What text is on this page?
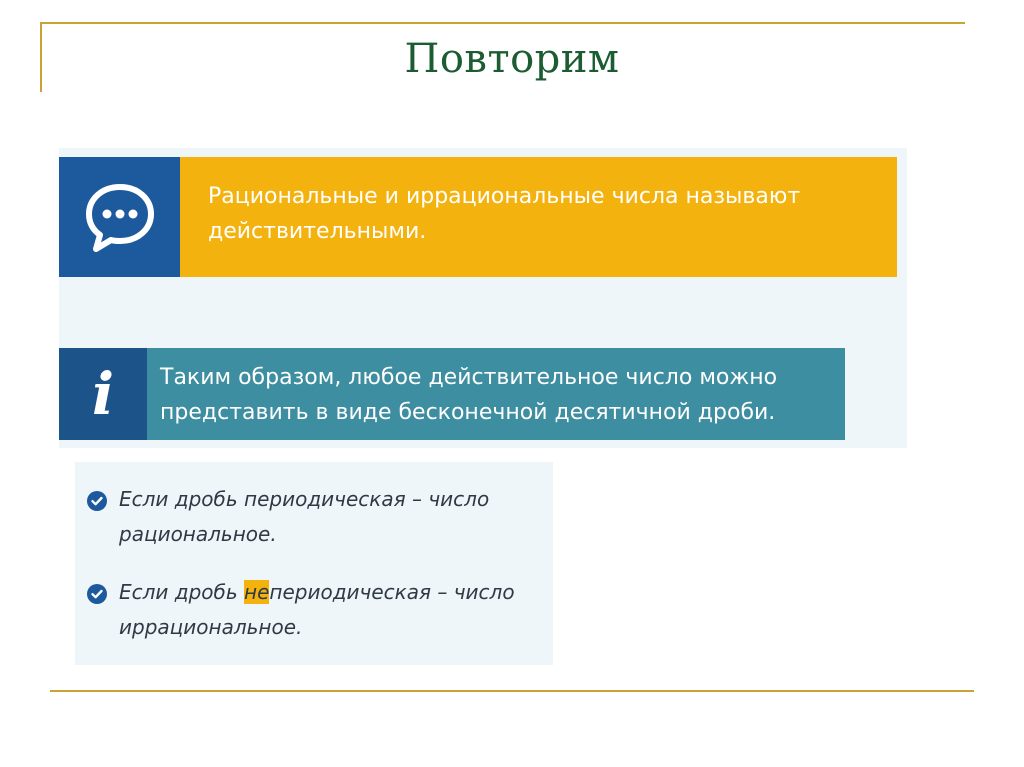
Повторим
Рациональные и иррациональные числа называют действительными.
i Таким образом, любое действительное число можно представить в виде бесконечной десятичной дроби.
Если дробь периодическая – число рациональное.
Если дробь непериодическая – число иррациональное.
